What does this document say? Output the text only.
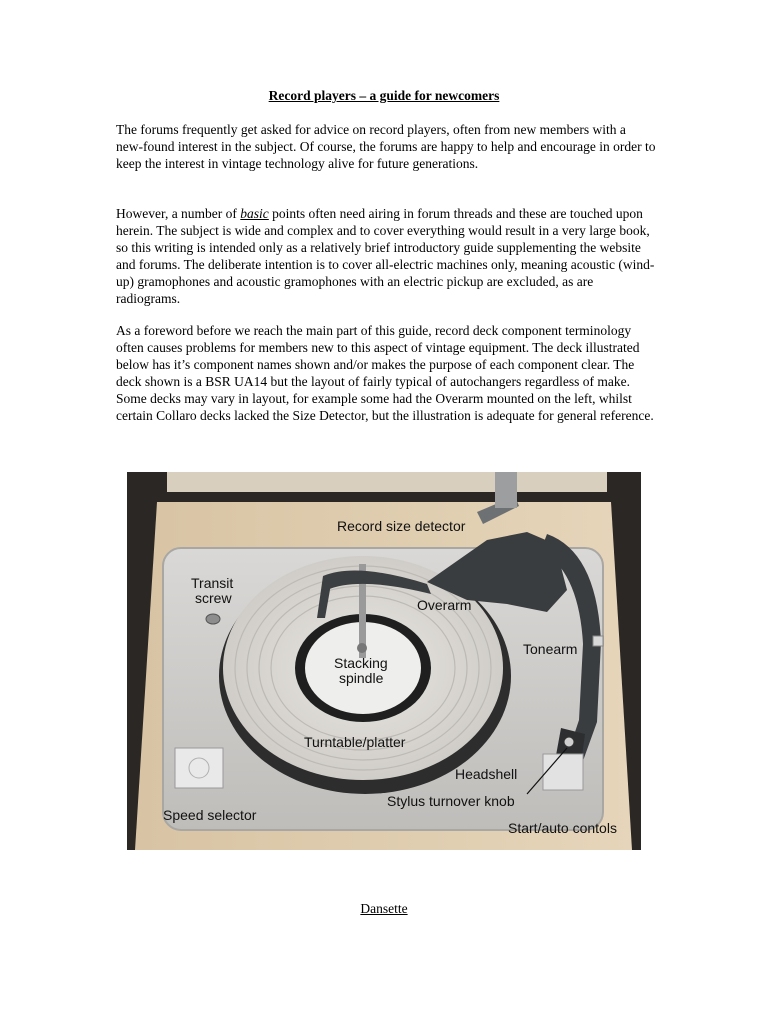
Record players – a guide for newcomers

The forums frequently get asked for advice on record players, often from new members with a new-found interest in the subject. Of course, the forums are happy to help and encourage in order to keep the interest in vintage technology alive for future generations.

However, a number of basic points often need airing in forum threads and these are touched upon herein. The subject is wide and complex and to cover everything would result in a very large book, so this writing is intended only as a relatively brief introductory guide supplementing the website and forums. The deliberate intention is to cover all-electric machines only, meaning acoustic (wind-up) gramophones and acoustic gramophones with an electric pickup are excluded, as are radiograms.

As a foreword before we reach the main part of this guide, record deck component terminology often causes problems for members new to this aspect of vintage equipment. The deck illustrated below has it’s component names shown and/or makes the purpose of each component clear. The deck shown is a BSR UA14 but the layout of fairly typical of autochangers regardless of make. Some decks may vary in layout, for example some had the Overarm mounted on the left, whilst certain Collaro decks lacked the Size Detector, but the illustration is adequate for general reference.

Record size detector
Transit
screw	Overarm
Tonearm
Stacking
spindle
Turntable/platter
Headshell
Stylus turnover knob
Speed selector
Start/auto contols
Dansette
